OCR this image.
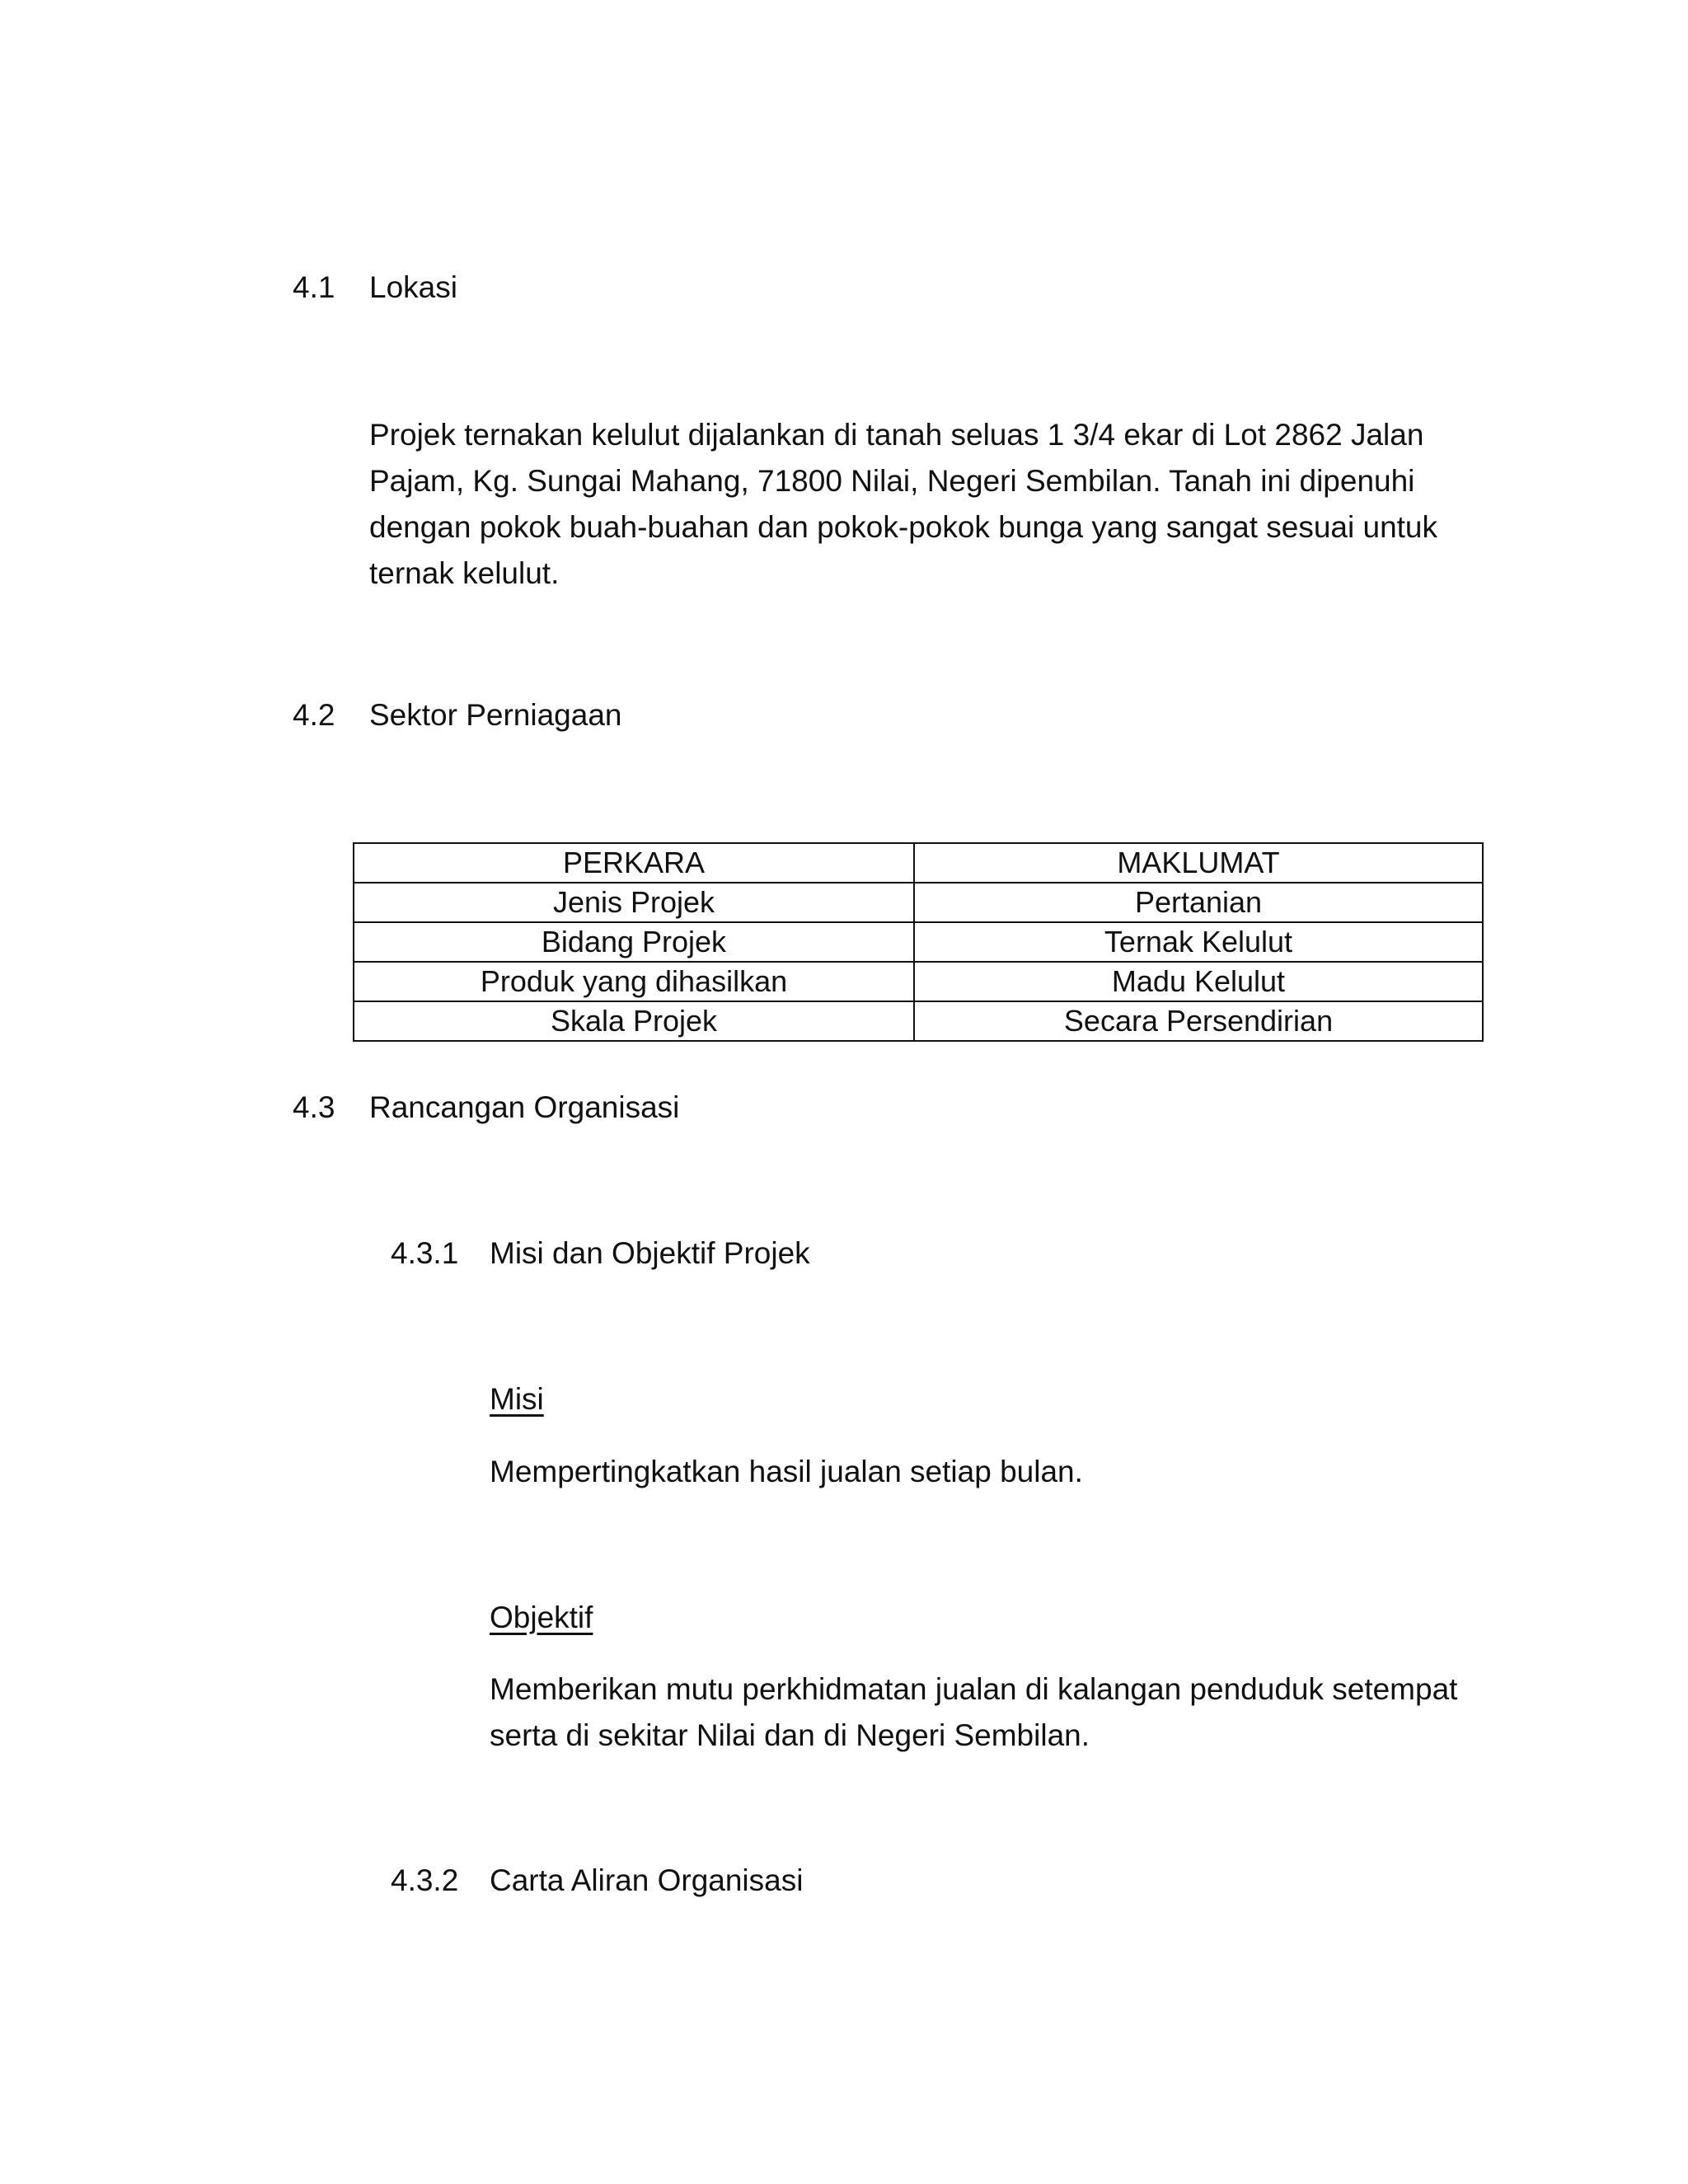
4.1 Lokasi
Projek ternakan kelulut dijalankan di tanah seluas 1 3/4 ekar di Lot 2862 Jalan Pajam, Kg. Sungai Mahang, 71800 Nilai, Negeri Sembilan. Tanah ini dipenuhi dengan pokok buah-buahan dan pokok-pokok bunga yang sangat sesuai untuk ternak kelulut.
4.2 Sektor Perniagaan
PERKARA	MAKLUMAT
Jenis Projek	Pertanian
Bidang Projek	Ternak Kelulut
Produk yang dihasilkan	Madu Kelulut
Skala Projek	Secara Persendirian
4.3 Rancangan Organisasi
4.3.1 Misi dan Objektif Projek
Misi
Mempertingkatkan hasil jualan setiap bulan.
Objektif
Memberikan mutu perkhidmatan jualan di kalangan penduduk setempat serta di sekitar Nilai dan di Negeri Sembilan.
4.3.2 Carta Aliran Organisasi
